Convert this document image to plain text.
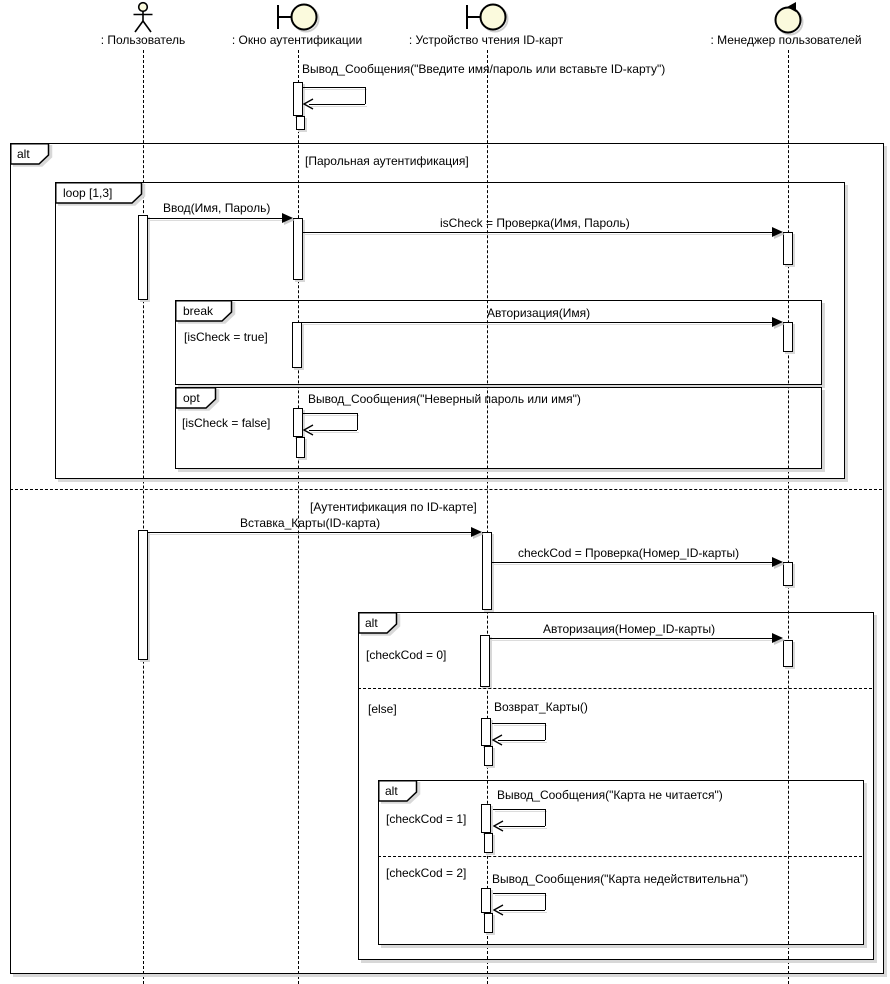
: Пользователь	: Окно аутентификации	: Устройство чтения ID-карт	: Менеджер пользователей
alt
loop [1,3]
break
opt
alt
alt
[Парольная аутентификация]
[isCheck = true]
[isCheck = false]
[Аутентификация по ID-карте]
[checkCod = 0]
[else]
[checkCod = 1]
[checkCod = 2]
Вывод_Сообщения("Введите имя/пароль или вставьте ID-карту")
Ввод(Имя, Пароль)
isCheck = Проверка(Имя, Пароль)
Авторизация(Имя)
Вывод_Сообщения("Неверный пароль или имя")
Вставка_Карты(ID-карта)
checkCod = Проверка(Номер_ID-карты)
Авторизация(Номер_ID-карты)
Возврат_Карты()
Вывод_Сообщения("Карта не читается")
Вывод_Сообщения("Карта недействительна")
